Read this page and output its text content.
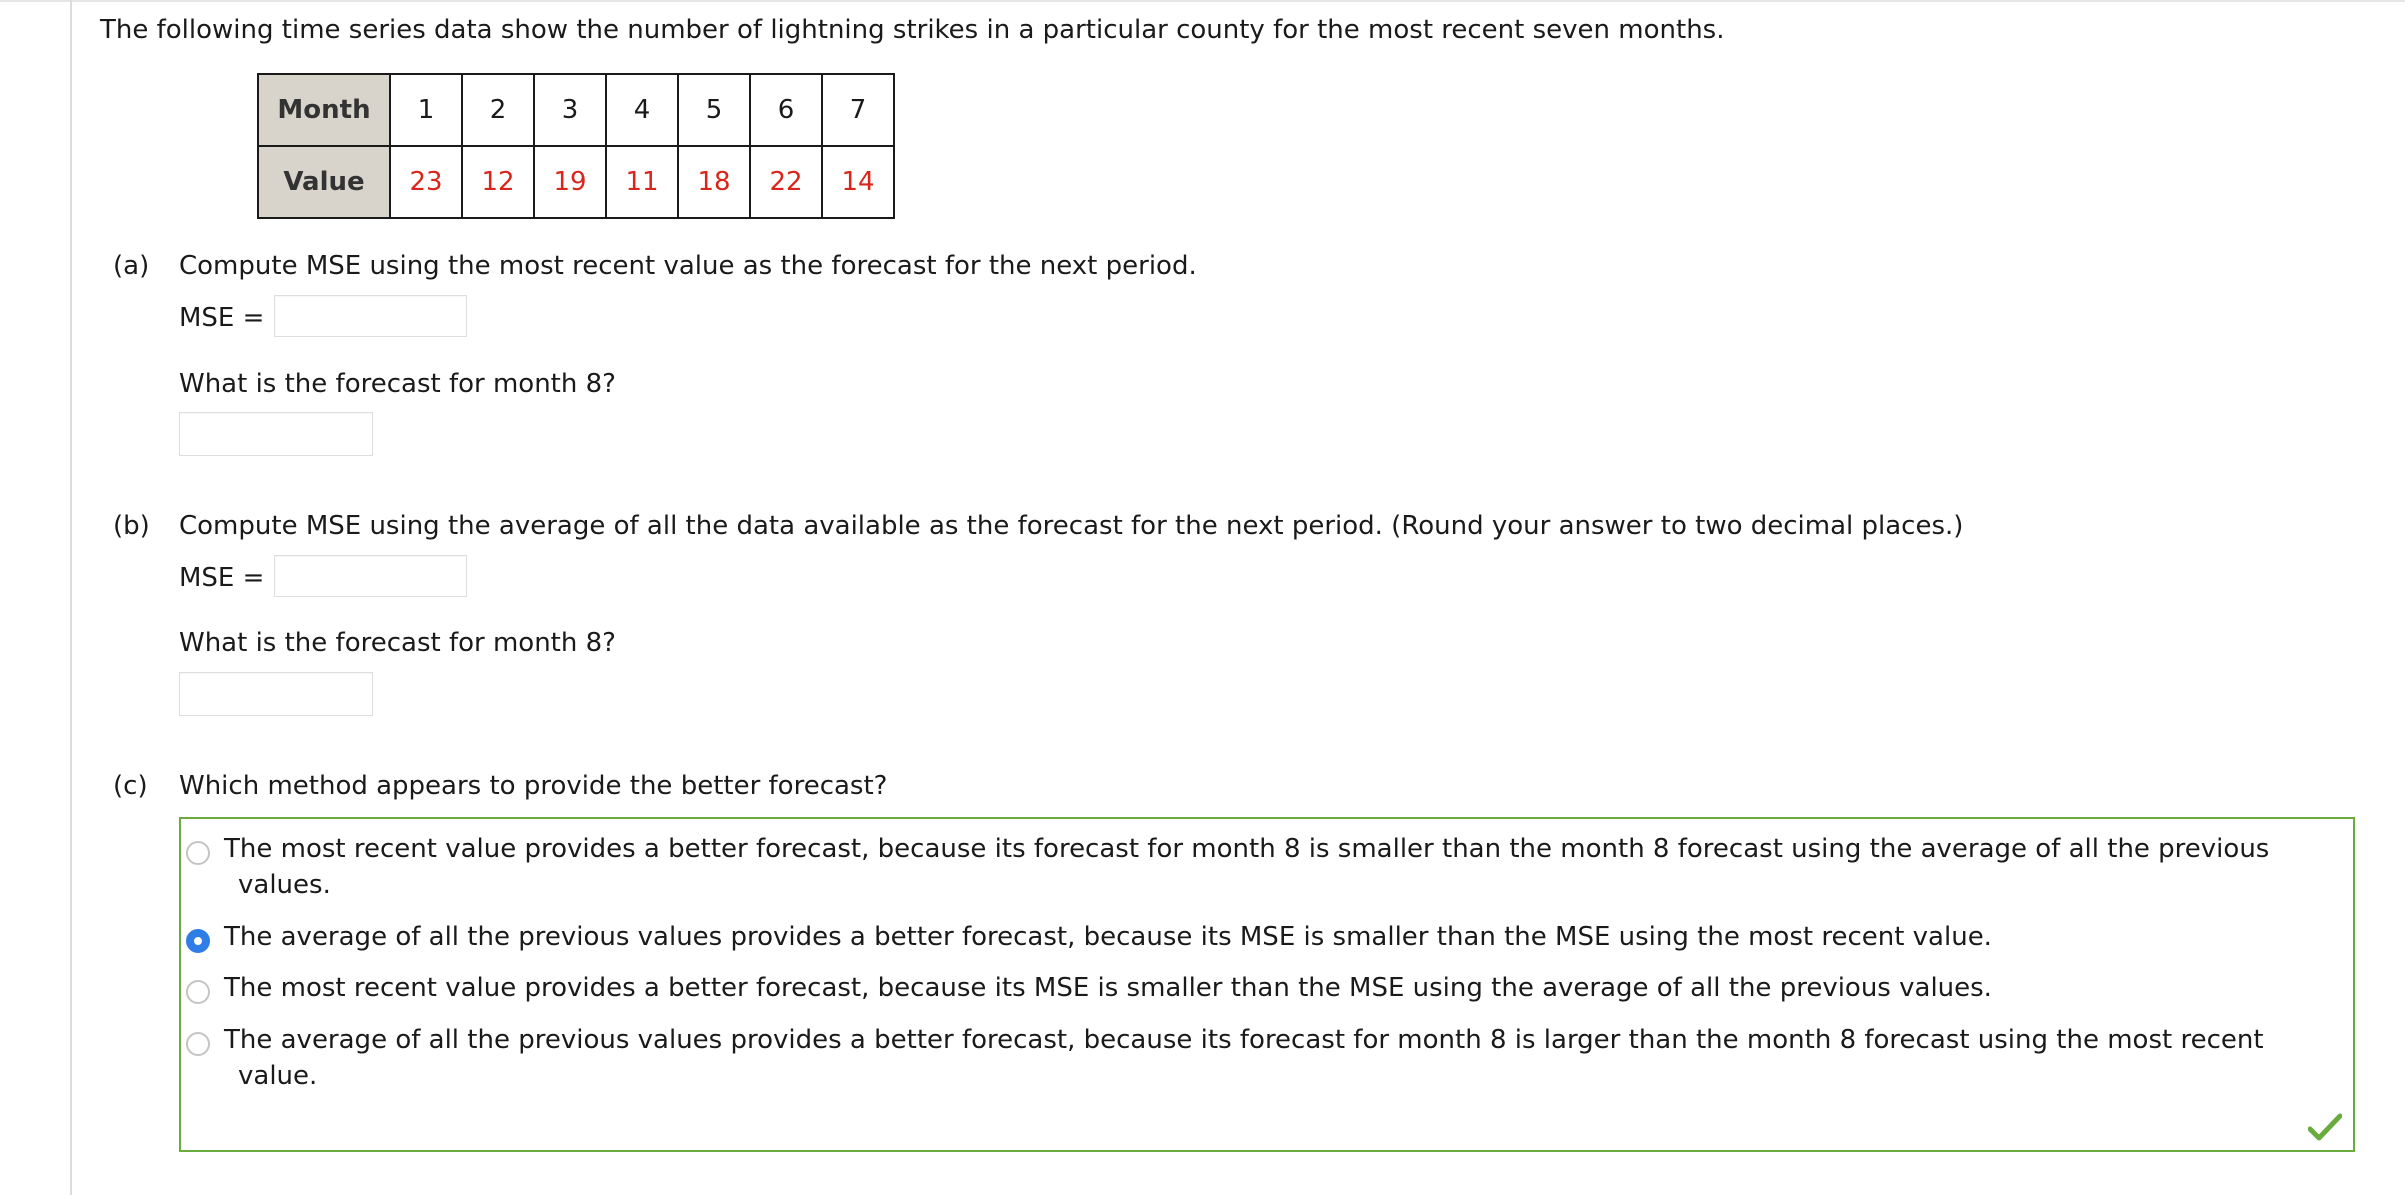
The following time series data show the number of lightning strikes in a particular county for the most recent seven months.
Month	1	2	3	4	5	6	7
Value	23	12	19	11	18	22	14
(a) Compute MSE using the most recent value as the forecast for the next period.
MSE =
What is the forecast for month 8?
(b) Compute MSE using the average of all the data available as the forecast for the next period. (Round your answer to two decimal places.)
MSE =
What is the forecast for month 8?
(c) Which method appears to provide the better forecast?
The most recent value provides a better forecast, because its forecast for month 8 is smaller than the month 8 forecast using the average of all the previous
values.
The average of all the previous values provides a better forecast, because its MSE is smaller than the MSE using the most recent value.
The most recent value provides a better forecast, because its MSE is smaller than the MSE using the average of all the previous values.
The average of all the previous values provides a better forecast, because its forecast for month 8 is larger than the month 8 forecast using the most recent
value.
